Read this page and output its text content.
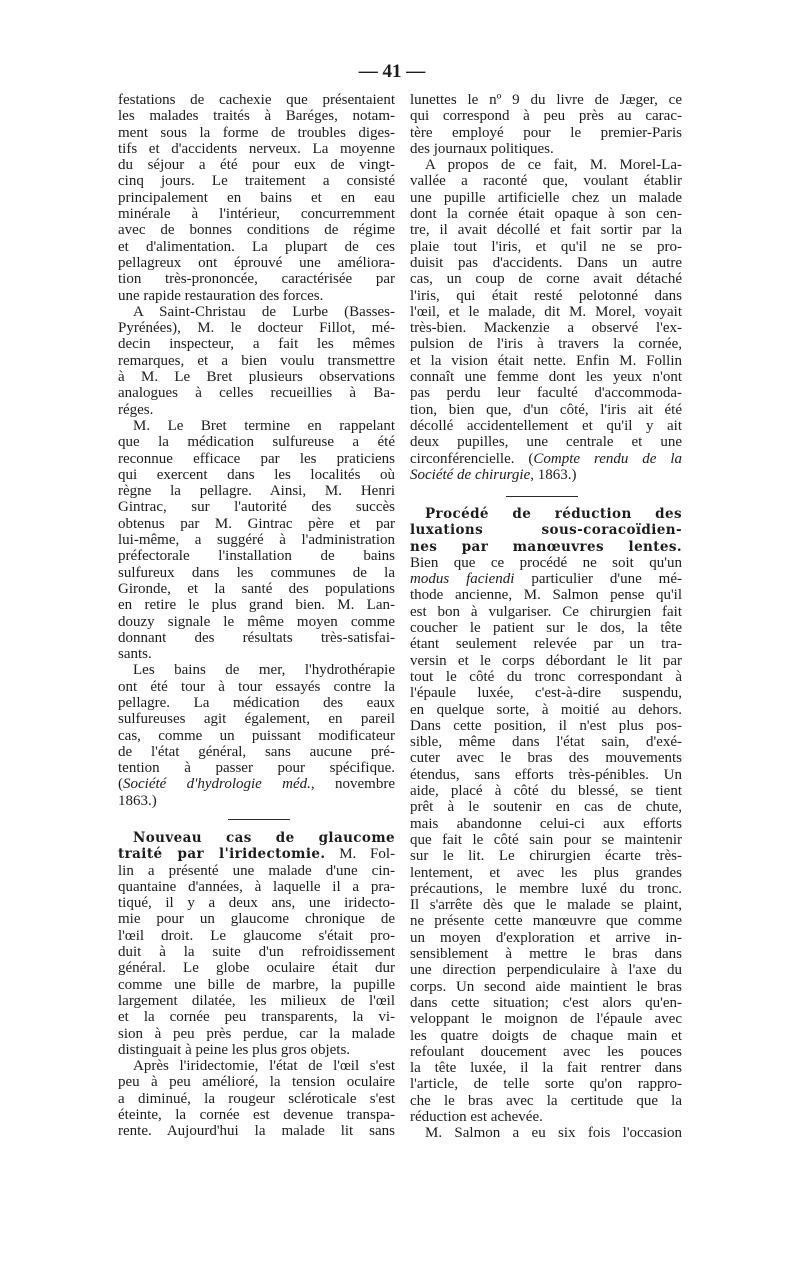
— 41 —
festations de cachexie que présentaient
les malades traités à Baréges, notam-
ment sous la forme de troubles diges-
tifs et d'accidents nerveux. La moyenne
du séjour a été pour eux de vingt-
cinq jours. Le traitement a consisté
principalement en bains et en eau
minérale à l'intérieur, concurremment
avec de bonnes conditions de régime
et d'alimentation. La plupart de ces
pellagreux ont éprouvé une améliora-
tion très-prononcée, caractérisée par
une rapide restauration des forces.
A Saint-Christau de Lurbe (Basses-
Pyrénées), M. le docteur Fillot, mé-
decin inspecteur, a fait les mêmes
remarques, et a bien voulu transmettre
à M. Le Bret plusieurs observations
analogues à celles recueillies à Ba-
réges.
M. Le Bret termine en rappelant
que la médication sulfureuse a été
reconnue efficace par les praticiens
qui exercent dans les localités où
règne la pellagre. Ainsi, M. Henri
Gintrac, sur l'autorité des succès
obtenus par M. Gintrac père et par
lui-même, a suggéré à l'administration
préfectorale l'installation de bains
sulfureux dans les communes de la
Gironde, et la santé des populations
en retire le plus grand bien. M. Lan-
douzy signale le même moyen comme
donnant des résultats très-satisfai-
sants.
Les bains de mer, l'hydrothérapie
ont été tour à tour essayés contre la
pellagre. La médication des eaux
sulfureuses agit également, en pareil
cas, comme un puissant modificateur
de l'état général, sans aucune pré-
tention à passer pour spécifique.
(Société d'hydrologie méd., novembre
1863.)
Nouveau cas de glaucome
traité par l'iridectomie. M. Fol-
lin a présenté une malade d'une cin-
quantaine d'années, à laquelle il a pra-
tiqué, il y a deux ans, une iridecto-
mie pour un glaucome chronique de
l'œil droit. Le glaucome s'était pro-
duit à la suite d'un refroidissement
général. Le globe oculaire était dur
comme une bille de marbre, la pupille
largement dilatée, les milieux de l'œil
et la cornée peu transparents, la vi-
sion à peu près perdue, car la malade
distinguait à peine les plus gros objets.
Après l'iridectomie, l'état de l'œil s'est
peu à peu amélioré, la tension oculaire
a diminué, la rougeur scléroticale s'est
éteinte, la cornée est devenue transpa-
rente. Aujourd'hui la malade lit sans
lunettes le nº 9 du livre de Jæger, ce
qui correspond à peu près au carac-
tère employé pour le premier-Paris
des journaux politiques.
A propos de ce fait, M. Morel-La-
vallée a raconté que, voulant établir
une pupille artificielle chez un malade
dont la cornée était opaque à son cen-
tre, il avait décollé et fait sortir par la
plaie tout l'iris, et qu'il ne se pro-
duisit pas d'accidents. Dans un autre
cas, un coup de corne avait détaché
l'iris, qui était resté pelotonné dans
l'œil, et le malade, dit M. Morel, voyait
très-bien. Mackenzie a observé l'ex-
pulsion de l'iris à travers la cornée,
et la vision était nette. Enfin M. Follin
connaît une femme dont les yeux n'ont
pas perdu leur faculté d'accommoda-
tion, bien que, d'un côté, l'iris ait été
décollé accidentellement et qu'il y ait
deux pupilles, une centrale et une
circonférencielle. (Compte rendu de la
Société de chirurgie, 1863.)
Procédé de réduction des
luxations sous-coracoïdien-
nes par manœuvres lentes.
Bien que ce procédé ne soit qu'un
modus faciendi particulier d'une mé-
thode ancienne, M. Salmon pense qu'il
est bon à vulgariser. Ce chirurgien fait
coucher le patient sur le dos, la tête
étant seulement relevée par un tra-
versin et le corps débordant le lit par
tout le côté du tronc correspondant à
l'épaule luxée, c'est-à-dire suspendu,
en quelque sorte, à moitié au dehors.
Dans cette position, il n'est plus pos-
sible, même dans l'état sain, d'exé-
cuter avec le bras des mouvements
étendus, sans efforts très-pénibles. Un
aide, placé à côté du blessé, se tient
prêt à le soutenir en cas de chute,
mais abandonne celui-ci aux efforts
que fait le côté sain pour se maintenir
sur le lit. Le chirurgien écarte très-
lentement, et avec les plus grandes
précautions, le membre luxé du tronc.
Il s'arrête dès que le malade se plaint,
ne présente cette manœuvre que comme
un moyen d'exploration et arrive in-
sensiblement à mettre le bras dans
une direction perpendiculaire à l'axe du
corps. Un second aide maintient le bras
dans cette situation; c'est alors qu'en-
veloppant le moignon de l'épaule avec
les quatre doigts de chaque main et
refoulant doucement avec les pouces
la tête luxée, il la fait rentrer dans
l'article, de telle sorte qu'on rappro-
che le bras avec la certitude que la
réduction est achevée.
M. Salmon a eu six fois l'occasion
